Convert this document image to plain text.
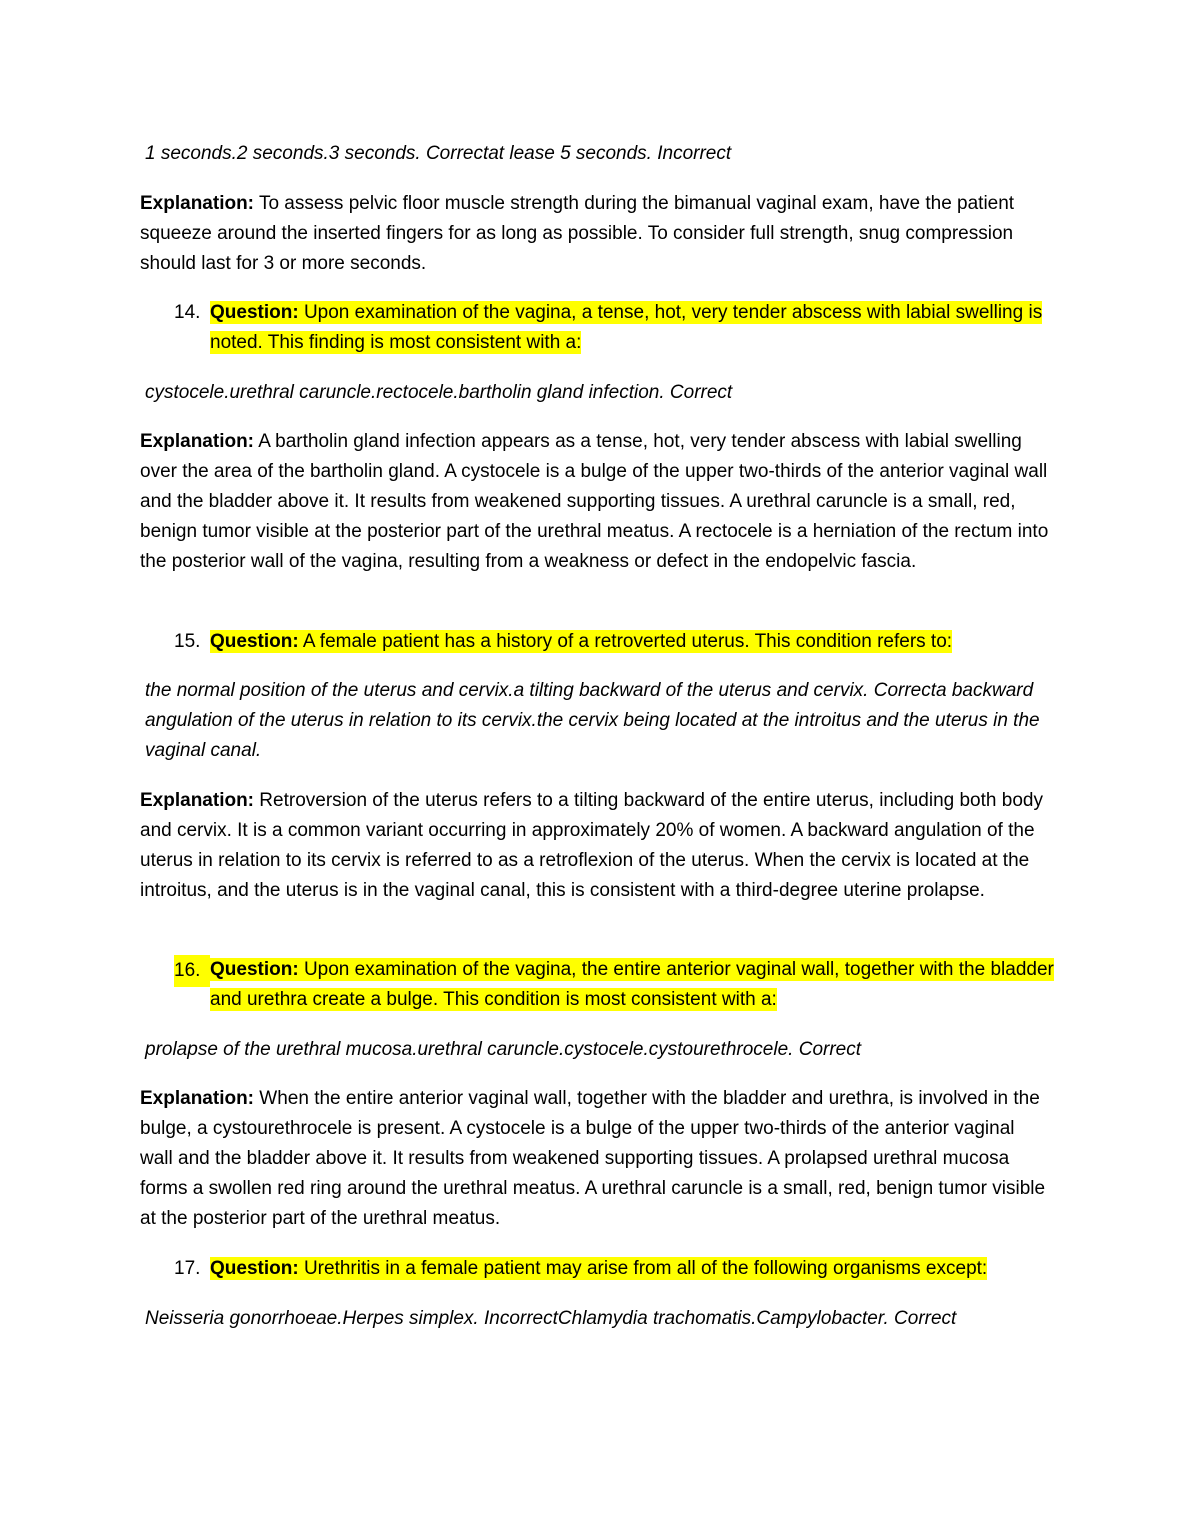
1 seconds.2 seconds.3 seconds. Correctat lease 5 seconds. Incorrect
Explanation: To assess pelvic floor muscle strength during the bimanual vaginal exam, have the patient squeeze around the inserted fingers for as long as possible. To consider full strength, snug compression should last for 3 or more seconds.
14. Question: Upon examination of the vagina, a tense, hot, very tender abscess with labial swelling is noted. This finding is most consistent with a:
cystocele.urethral caruncle.rectocele.bartholin gland infection. Correct
Explanation: A bartholin gland infection appears as a tense, hot, very tender abscess with labial swelling over the area of the bartholin gland. A cystocele is a bulge of the upper two-thirds of the anterior vaginal wall and the bladder above it. It results from weakened supporting tissues. A urethral caruncle is a small, red, benign tumor visible at the posterior part of the urethral meatus. A rectocele is a herniation of the rectum into the posterior wall of the vagina, resulting from a weakness or defect in the endopelvic fascia.
15. Question: A female patient has a history of a retroverted uterus. This condition refers to:
the normal position of the uterus and cervix.a tilting backward of the uterus and cervix. Correcta backward angulation of the uterus in relation to its cervix.the cervix being located at the introitus and the uterus in the vaginal canal.
Explanation: Retroversion of the uterus refers to a tilting backward of the entire uterus, including both body and cervix. It is a common variant occurring in approximately 20% of women. A backward angulation of the uterus in relation to its cervix is referred to as a retroflexion of the uterus. When the cervix is located at the introitus, and the uterus is in the vaginal canal, this is consistent with a third-degree uterine prolapse.
16. Question: Upon examination of the vagina, the entire anterior vaginal wall, together with the bladder and urethra create a bulge. This condition is most consistent with a:
prolapse of the urethral mucosa.urethral caruncle.cystocele.cystourethrocele. Correct
Explanation: When the entire anterior vaginal wall, together with the bladder and urethra, is involved in the bulge, a cystourethrocele is present. A cystocele is a bulge of the upper two-thirds of the anterior vaginal wall and the bladder above it. It results from weakened supporting tissues. A prolapsed urethral mucosa forms a swollen red ring around the urethral meatus. A urethral caruncle is a small, red, benign tumor visible at the posterior part of the urethral meatus.
17. Question: Urethritis in a female patient may arise from all of the following organisms except:
Neisseria gonorrhoeae.Herpes simplex. IncorrectChlamydia trachomatis.Campylobacter. Correct
